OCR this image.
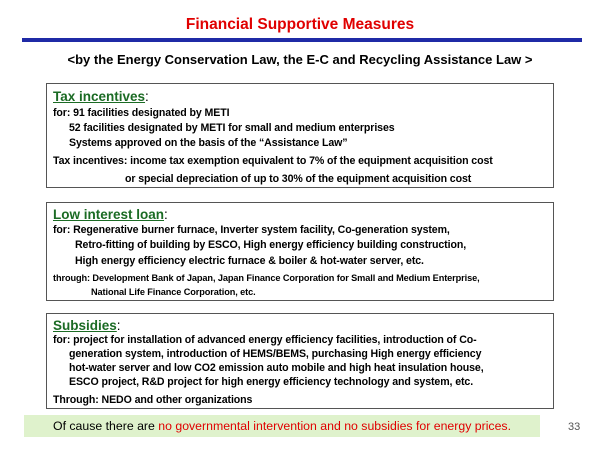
Financial Supportive Measures
<by the Energy Conservation Law, the E-C and Recycling Assistance Law >
Tax incentives:
for: 91 facilities designated by METI
52 facilities designated by METI for small and medium enterprises
Systems approved on the basis of the “Assistance Law”
Tax incentives: income tax exemption equivalent to 7% of the equipment acquisition cost
or special depreciation of up to 30% of the equipment acquisition cost
Low interest loan:
for: Regenerative burner furnace, Inverter system facility, Co-generation system,
Retro-fitting of building by ESCO, High energy efficiency building construction,
High energy efficiency electric furnace & boiler & hot-water server, etc.
through: Development Bank of Japan, Japan Finance Corporation for Small and Medium Enterprise,
National Life Finance Corporation, etc.
Subsidies:
for: project for installation of advanced energy efficiency facilities, introduction of Co-
generation system, introduction of HEMS/BEMS, purchasing High energy efficiency
hot-water server and low CO2 emission auto mobile and high heat insulation house,
ESCO project, R&D project for high energy efficiency technology and system, etc.
Through: NEDO and other organizations
Of cause there are no governmental intervention and no subsidies for energy prices.	33
